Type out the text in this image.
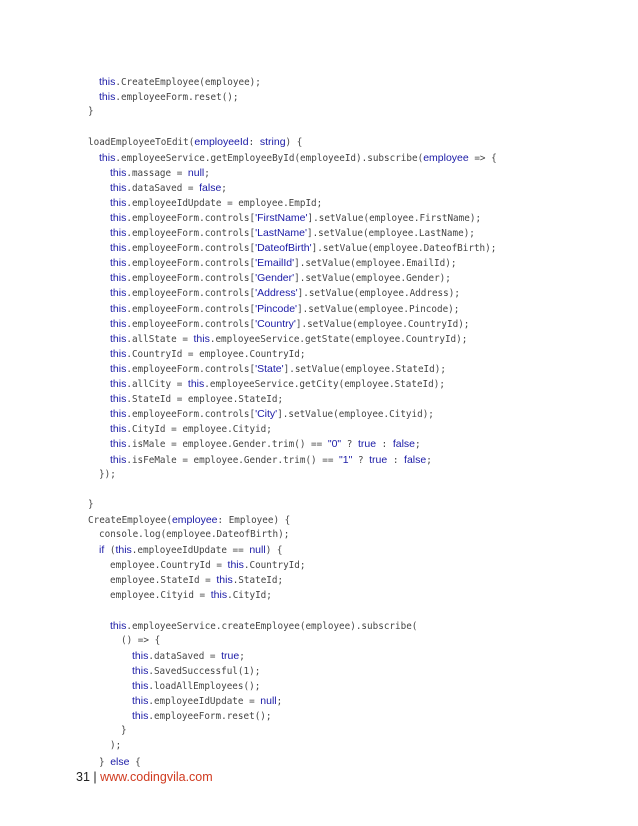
this.CreateEmployee(employee);
this.employeeForm.reset();
}
loadEmployeeToEdit(employeeId: string) {
this.employeeService.getEmployeeById(employeeId).subscribe(employee => {
this.massage = null;
this.dataSaved = false;
this.employeeIdUpdate = employee.EmpId;
this.employeeForm.controls['FirstName'].setValue(employee.FirstName);
this.employeeForm.controls['LastName'].setValue(employee.LastName);
this.employeeForm.controls['DateofBirth'].setValue(employee.DateofBirth);
this.employeeForm.controls['EmailId'].setValue(employee.EmailId);
this.employeeForm.controls['Gender'].setValue(employee.Gender);
this.employeeForm.controls['Address'].setValue(employee.Address);
this.employeeForm.controls['Pincode'].setValue(employee.Pincode);
this.employeeForm.controls['Country'].setValue(employee.CountryId);
this.allState = this.employeeService.getState(employee.CountryId);
this.CountryId = employee.CountryId;
this.employeeForm.controls['State'].setValue(employee.StateId);
this.allCity = this.employeeService.getCity(employee.StateId);
this.StateId = employee.StateId;
this.employeeForm.controls['City'].setValue(employee.Cityid);
this.CityId = employee.Cityid;
this.isMale = employee.Gender.trim() == "0" ? true : false;
this.isFeMale = employee.Gender.trim() == "1" ? true : false;
});
}
CreateEmployee(employee: Employee) {
console.log(employee.DateofBirth);
if (this.employeeIdUpdate == null) {
employee.CountryId = this.CountryId;
employee.StateId = this.StateId;
employee.Cityid = this.CityId;
this.employeeService.createEmployee(employee).subscribe(
() => {
this.dataSaved = true;
this.SavedSuccessful(1);
this.loadAllEmployees();
this.employeeIdUpdate = null;
this.employeeForm.reset();
}
);
} else {
31 | www.codingvila.com
